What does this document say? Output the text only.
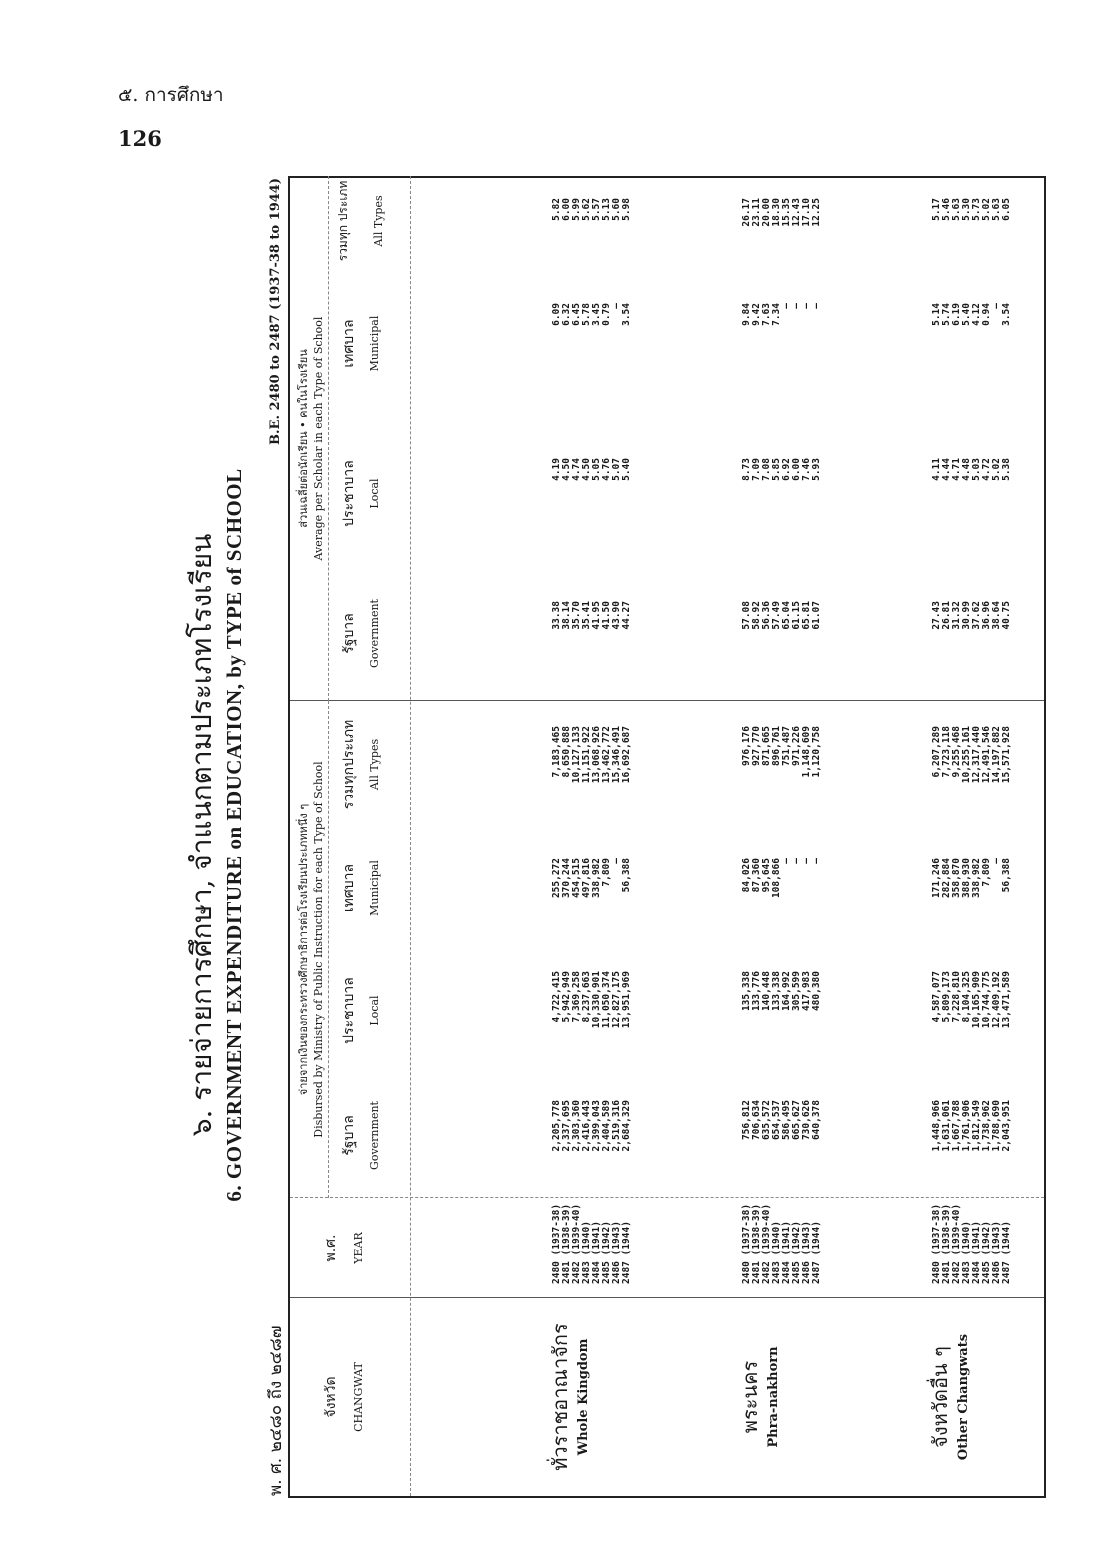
๕. การศึกษา
126
๖. รายจ่ายการศึกษา, จำแนกตามประเภทโรงเรียน 6. GOVERNMENT EXPENDITURE on EDUCATION, by TYPE of SCHOOL
พ. ศ. ๒๔๘๐ ถึง ๒๔๘๗
B.E. 2480 to 2487 (1937-38 to 1944)
จังหวัด CHANGWAT
พ.ศ. YEAR
จ่ายจากเงินของกระทรวงศึกษาธิการต่อโรงเรียนประเภทหนึ่ง ๆ Disbursed by Ministry of Public Instruction for each Type of School
ส่วนเฉลี่ยต่อนักเรียน • คนในโรงเรียน Average per Scholar in each Type of School
รัฐบาล Government
ประชาบาล Local
เทศบาล Municipal
รวมทุกประเภท All Types
รัฐบาล Government
ประชาบาล Local
เทศบาล Municipal
รวมทุก ประเภท All Types
ทั่วราชอาณาจักร Whole Kingdom
2480 (1937-38)
2,205,778
4,722,415
255,272
7,183,465
33.38
4.19
6.09
5.82
2481 (1938-39)
2,337,695
5,942,949
370,244
8,650,888
38.14
4.50
6.32
6.00
2482 (1939-40)
2,303,360
7,369,258
454,515
10,127,133
35.70
4.74
6.45
5.99
2483 (1940)
2,416,443
8,237,663
497,816
11,151,922
35.41
4.50
5.78
5.62
2484 (1941)
2,399,043
10,330,901
338,982
13,068,926
41.95
5.05
3.45
5.57
2485 (1942)
2,404,589
11,050,374
7,809
13,462,772
41.50
4.76
0.79
5.13
2486 (1943)
2,519,316
12,827,175
—
15,346,491
43.90
5.07
—
5.60
2487 (1944)
2,684,329
13,951,969
56,388
16,692,687
44.27
5.40
3.54
5.98
พระนคร Phra-nakhorn
2480 (1937-38)
756,812
135,338
84,026
976,176
57.08
8.73
9.84
26.17
2481 (1938-39)
706,634
133,776
87,360
927,770
58.92
7.09
9.42
23.11
2482 (1939-40)
635,572
140,448
95,645
871,665
56.36
7.08
7.63
20.00
2483 (1940)
654,537
133,338
108,866
896,761
57.49
5.85
7.34
18.30
2484 (1941)
586,495
164,992
—
751,487
65.04
6.92
—
15.35
2485 (1942)
665,627
305,599
—
971,226
61.15
6.00
—
12.43
2486 (1943)
730,626
417,983
—
1,148,609
65.81
7.46
—
17.10
2487 (1944)
640,378
480,380
—
1,120,758
61.07
5.93
—
12.25
จังหวัดอื่น ๆ Other Changwats
2480 (1937-38)
1,448,966
4,587,077
171,246
6,207,289
27.43
4.11
5.14
5.17
2481 (1938-39)
1,631,061
5,809,173
282,884
7,723,118
26.81
4.44
5.74
5.46
2482 (1939-40)
1,667,788
7,228,810
358,870
9,255,468
31.32
4.71
6.19
5.63
2483 (1940)
1,761,906
8,104,325
388,930
10,255,161
30.99
4.48
5.40
5.30
2484 (1941)
1,812,549
10,165,909
338,982
12,317,440
37.62
5.03
4.12
5.73
2485 (1942)
1,738,962
10,744,775
7,809
12,491,546
36.96
4.72
0.94
5.02
2486 (1943)
1,788,690
12,409,192
—
14,197,882
38.64
5.02
—
5.63
2487 (1944)
2,043,951
13,471,589
56,388
15,571,928
40.75
5.38
3.54
6.05
